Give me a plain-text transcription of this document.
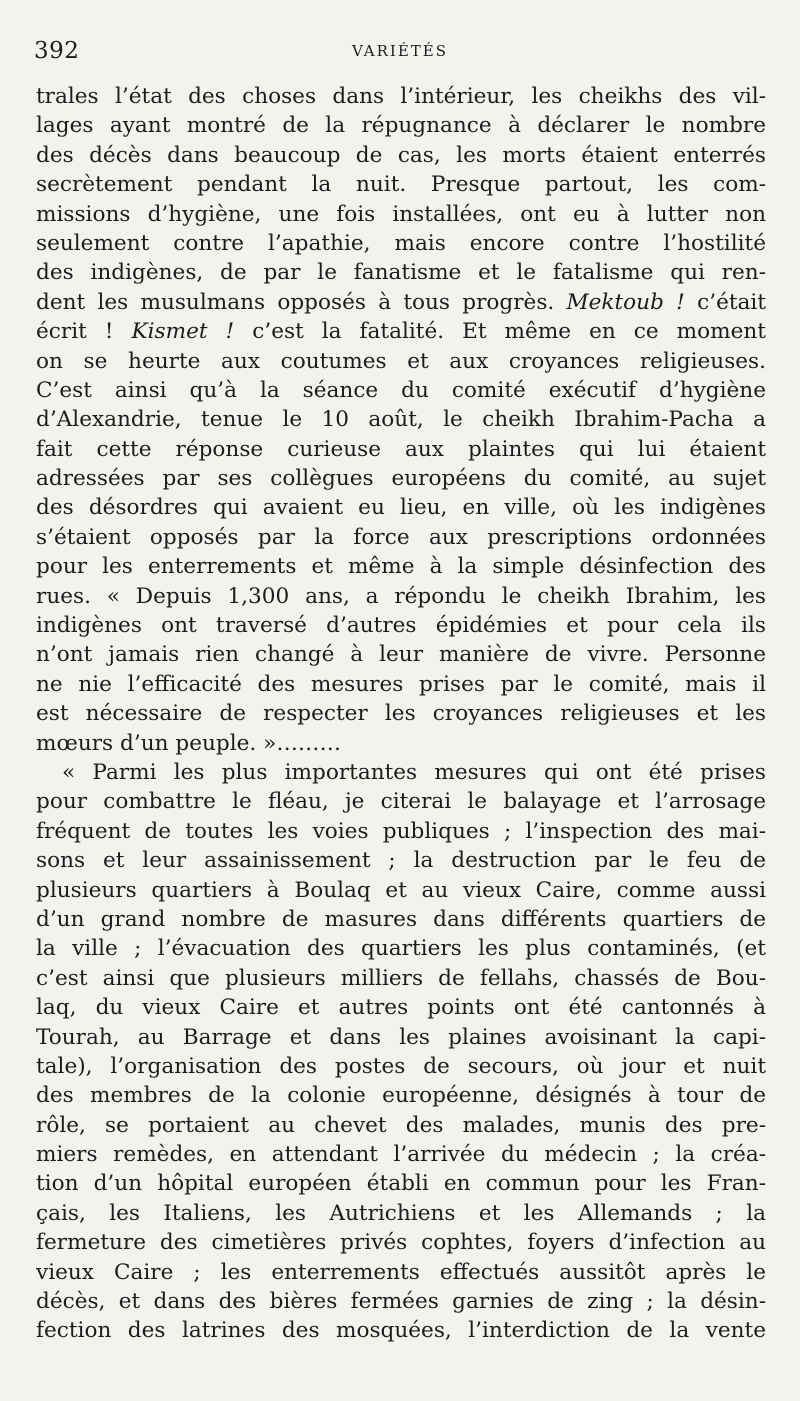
392	VARIÉTÉS
trales l’état des choses dans l’intérieur, les cheikhs des vil-
lages ayant montré de la répugnance à déclarer le nombre
des décès dans beaucoup de cas, les morts étaient enterrés
secrètement pendant la nuit. Presque partout, les com-
missions d’hygiène, une fois installées, ont eu à lutter non
seulement contre l’apathie, mais encore contre l’hostilité
des indigènes, de par le fanatisme et le fatalisme qui ren-
dent les musulmans opposés à tous progrès. Mektoub ! c’était
écrit ! Kismet ! c’est la fatalité. Et même en ce moment
on se heurte aux coutumes et aux croyances religieuses.
C’est ainsi qu’à la séance du comité exécutif d’hygiène
d’Alexandrie, tenue le 10 août, le cheikh Ibrahim-Pacha a
fait cette réponse curieuse aux plaintes qui lui étaient
adressées par ses collègues européens du comité, au sujet
des désordres qui avaient eu lieu, en ville, où les indigènes
s’étaient opposés par la force aux prescriptions ordonnées
pour les enterrements et même à la simple désinfection des
rues. « Depuis 1,300 ans, a répondu le cheikh Ibrahim, les
indigènes ont traversé d’autres épidémies et pour cela ils
n’ont jamais rien changé à leur manière de vivre. Personne
ne nie l’efficacité des mesures prises par le comité, mais il
est nécessaire de respecter les croyances religieuses et les
mœurs d’un peuple. »………
« Parmi les plus importantes mesures qui ont été prises
pour combattre le fléau, je citerai le balayage et l’arrosage
fréquent de toutes les voies publiques ; l’inspection des mai-
sons et leur assainissement ; la destruction par le feu de
plusieurs quartiers à Boulaq et au vieux Caire, comme aussi
d’un grand nombre de masures dans différents quartiers de
la ville ; l’évacuation des quartiers les plus contaminés, (et
c’est ainsi que plusieurs milliers de fellahs, chassés de Bou-
laq, du vieux Caire et autres points ont été cantonnés à
Tourah, au Barrage et dans les plaines avoisinant la capi-
tale), l’organisation des postes de secours, où jour et nuit
des membres de la colonie européenne, désignés à tour de
rôle, se portaient au chevet des malades, munis des pre-
miers remèdes, en attendant l’arrivée du médecin ; la créa-
tion d’un hôpital européen établi en commun pour les Fran-
çais, les Italiens, les Autrichiens et les Allemands ; la
fermeture des cimetières privés cophtes, foyers d’infection au
vieux Caire ; les enterrements effectués aussitôt après le
décès, et dans des bières fermées garnies de zing ; la désin-
fection des latrines des mosquées, l’interdiction de la vente
